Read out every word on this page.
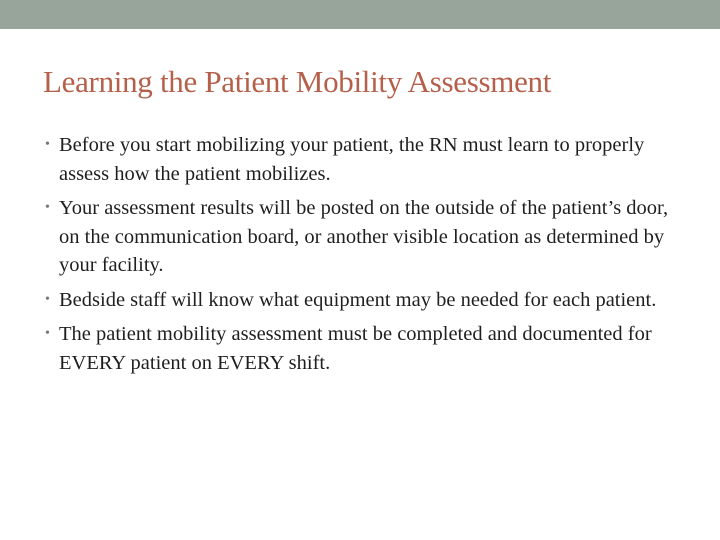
Learning the Patient Mobility Assessment
• Before you start mobilizing your patient, the RN must learn to properly assess how the patient mobilizes.
• Your assessment results will be posted on the outside of the patient’s door, on the communication board, or another visible location as determined by your facility.
• Bedside staff will know what equipment may be needed for each patient.
• The patient mobility assessment must be completed and documented for EVERY patient on EVERY shift.
